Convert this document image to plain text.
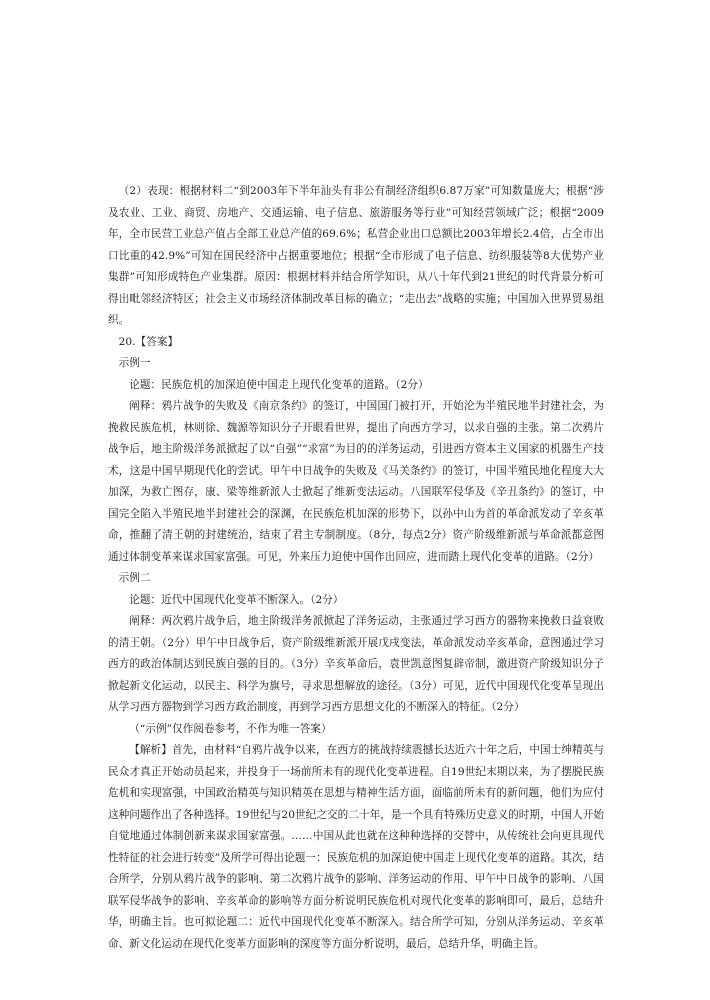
（2）表现：根据材料二“到2003年下半年汕头有非公有制经济组织6.87万家”可知数量庞大；根据“涉及农业、工业、商贸、房地产、交通运输、电子信息、旅游服务等行业”可知经营领域广泛；根据“2009年，全市民营工业总产值占全部工业总产值的69.6%；私营企业出口总额比2003年增长2.4倍，占全市出口比重的42.9%”可知在国民经济中占据重要地位；根据“全市形成了电子信息、纺织服装等8大优势产业集群”可知形成特色产业集群。原因：根据材料并结合所学知识，从八十年代到21世纪的时代背景分析可得出毗邻经济特区；社会主义市场经济体制改革目标的确立；“走出去”战略的实施；中国加入世界贸易组织。

20.【答案】

示例一

论题：民族危机的加深迫使中国走上现代化变革的道路。（2分）

阐释：鸦片战争的失败及《南京条约》的签订，中国国门被打开，开始沦为半殖民地半封建社会，为挽救民族危机，林则徐、魏源等知识分子开眼看世界，提出了向西方学习，以求自强的主张。第二次鸦片战争后，地主阶级洋务派掀起了以“自强”“求富”为目的的洋务运动，引进西方资本主义国家的机器生产技术，这是中国早期现代化的尝试。甲午中日战争的失败及《马关条约》的签订，中国半殖民地化程度大大加深，为救亡图存，康、梁等维新派人士掀起了维新变法运动。八国联军侵华及《辛丑条约》的签订，中国完全陷入半殖民地半封建社会的深渊，在民族危机加深的形势下，以孙中山为首的革命派发动了辛亥革命，推翻了清王朝的封建统治，结束了君主专制制度。（8分，每点2分）资产阶级维新派与革命派都意图通过体制变革来谋求国家富强。可见，外来压力迫使中国作出回应，进而踏上现代化变革的道路。（2分）

示例二

论题：近代中国现代化变革不断深入。（2分）

阐释：两次鸦片战争后，地主阶级洋务派掀起了洋务运动，主张通过学习西方的器物来挽救日益衰败的清王朝。（2分）甲午中日战争后，资产阶级维新派开展戊戌变法，革命派发动辛亥革命，意图通过学习西方的政治体制达到民族自强的目的。（3分）辛亥革命后，袁世凯意图复辟帝制，激进资产阶级知识分子掀起新文化运动，以民主、科学为旗号，寻求思想解放的途径。（3分）可见，近代中国现代化变革呈现出从学习西方器物到学习西方政治制度，再到学习西方思想文化的不断深入的特征。（2分）

（“示例”仅作阅卷参考，不作为唯一答案）

【解析】首先，由材料“自鸦片战争以来，在西方的挑战持续震撼长达近六十年之后，中国士绅精英与民众才真正开始动员起来，并投身于一场前所未有的现代化变革进程。自19世纪末期以来，为了摆脱民族危机和实现富强，中国政治精英与知识精英在思想与精神生活方面，面临前所未有的新问题，他们为应付这种问题作出了各种选择。19世纪与20世纪之交的二十年，是一个具有特殊历史意义的时期，中国人开始自觉地通过体制创新来谋求国家富强。……中国从此也就在这种种选择的交替中，从传统社会向更具现代性特征的社会进行转变”及所学可得出论题一：民族危机的加深迫使中国走上现代化变革的道路。其次，结合所学，分别从鸦片战争的影响、第二次鸦片战争的影响、洋务运动的作用、甲午中日战争的影响、八国联军侵华战争的影响、辛亥革命的影响等方面分析说明民族危机对现代化变革的影响即可，最后，总结升华，明确主旨。也可拟论题二：近代中国现代化变革不断深入。结合所学可知，分别从洋务运动、辛亥革命、新文化运动在现代化变革方面影响的深度等方面分析说明，最后，总结升华，明确主旨。
